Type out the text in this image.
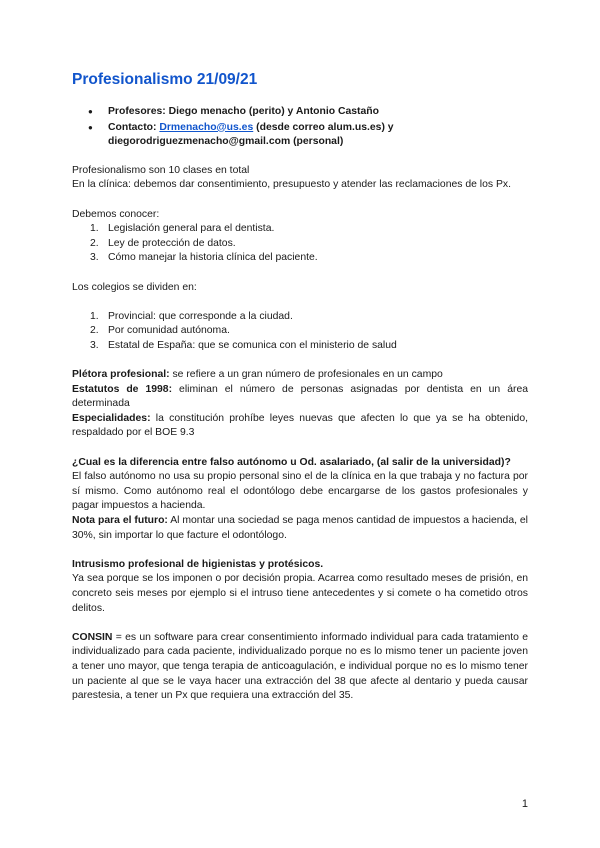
Profesionalismo 21/09/21
● Profesores: Diego menacho (perito) y Antonio Castaño
● Contacto: Drmenacho@us.es (desde correo alum.us.es) y
diegorodriguezmenacho@gmail.com (personal)

Profesionalismo son 10 clases en total

En la clínica: debemos dar consentimiento, presupuesto y atender las reclamaciones de los Px.

Debemos conocer:

Legislación general para el dentista.
Ley de protección de datos.
Cómo manejar la historia clínica del paciente.

Los colegios se dividen en:

Provincial: que corresponde a la ciudad.
Por comunidad autónoma.
Estatal de España: que se comunica con el ministerio de salud

Plétora profesional: se refiere a un gran número de profesionales en un campo

Estatutos de 1998: eliminan el número de personas asignadas por dentista en un área determinada

Especialidades: la constitución prohíbe leyes nuevas que afecten lo que ya se ha obtenido, respaldado por el BOE 9.3

¿Cual es la diferencia entre falso autónomo u Od. asalariado, (al salir de la universidad)?

El falso autónomo no usa su propio personal sino el de la clínica en la que trabaja y no factura por sí mismo. Como autónomo real el odontólogo debe encargarse de los gastos profesionales y pagar impuestos a hacienda.

Nota para el futuro: Al montar una sociedad se paga menos cantidad de impuestos a hacienda, el 30%, sin importar lo que facture el odontólogo.

Intrusismo profesional de higienistas y protésicos.

Ya sea porque se los imponen o por decisión propia. Acarrea como resultado meses de prisión, en concreto seis meses por ejemplo si el intruso tiene antecedentes y si comete o ha cometido otros delitos.

CONSIN = es un software para crear consentimiento informado individual para cada tratamiento e individualizado para cada paciente, individualizado porque no es lo mismo tener un paciente joven a tener uno mayor, que tenga terapia de anticoagulación, e individual porque no es lo mismo tener un paciente al que se le vaya hacer una extracción del 38 que afecte al dentario y pueda causar parestesia, a tener un Px que requiera una extracción del 35.

1
